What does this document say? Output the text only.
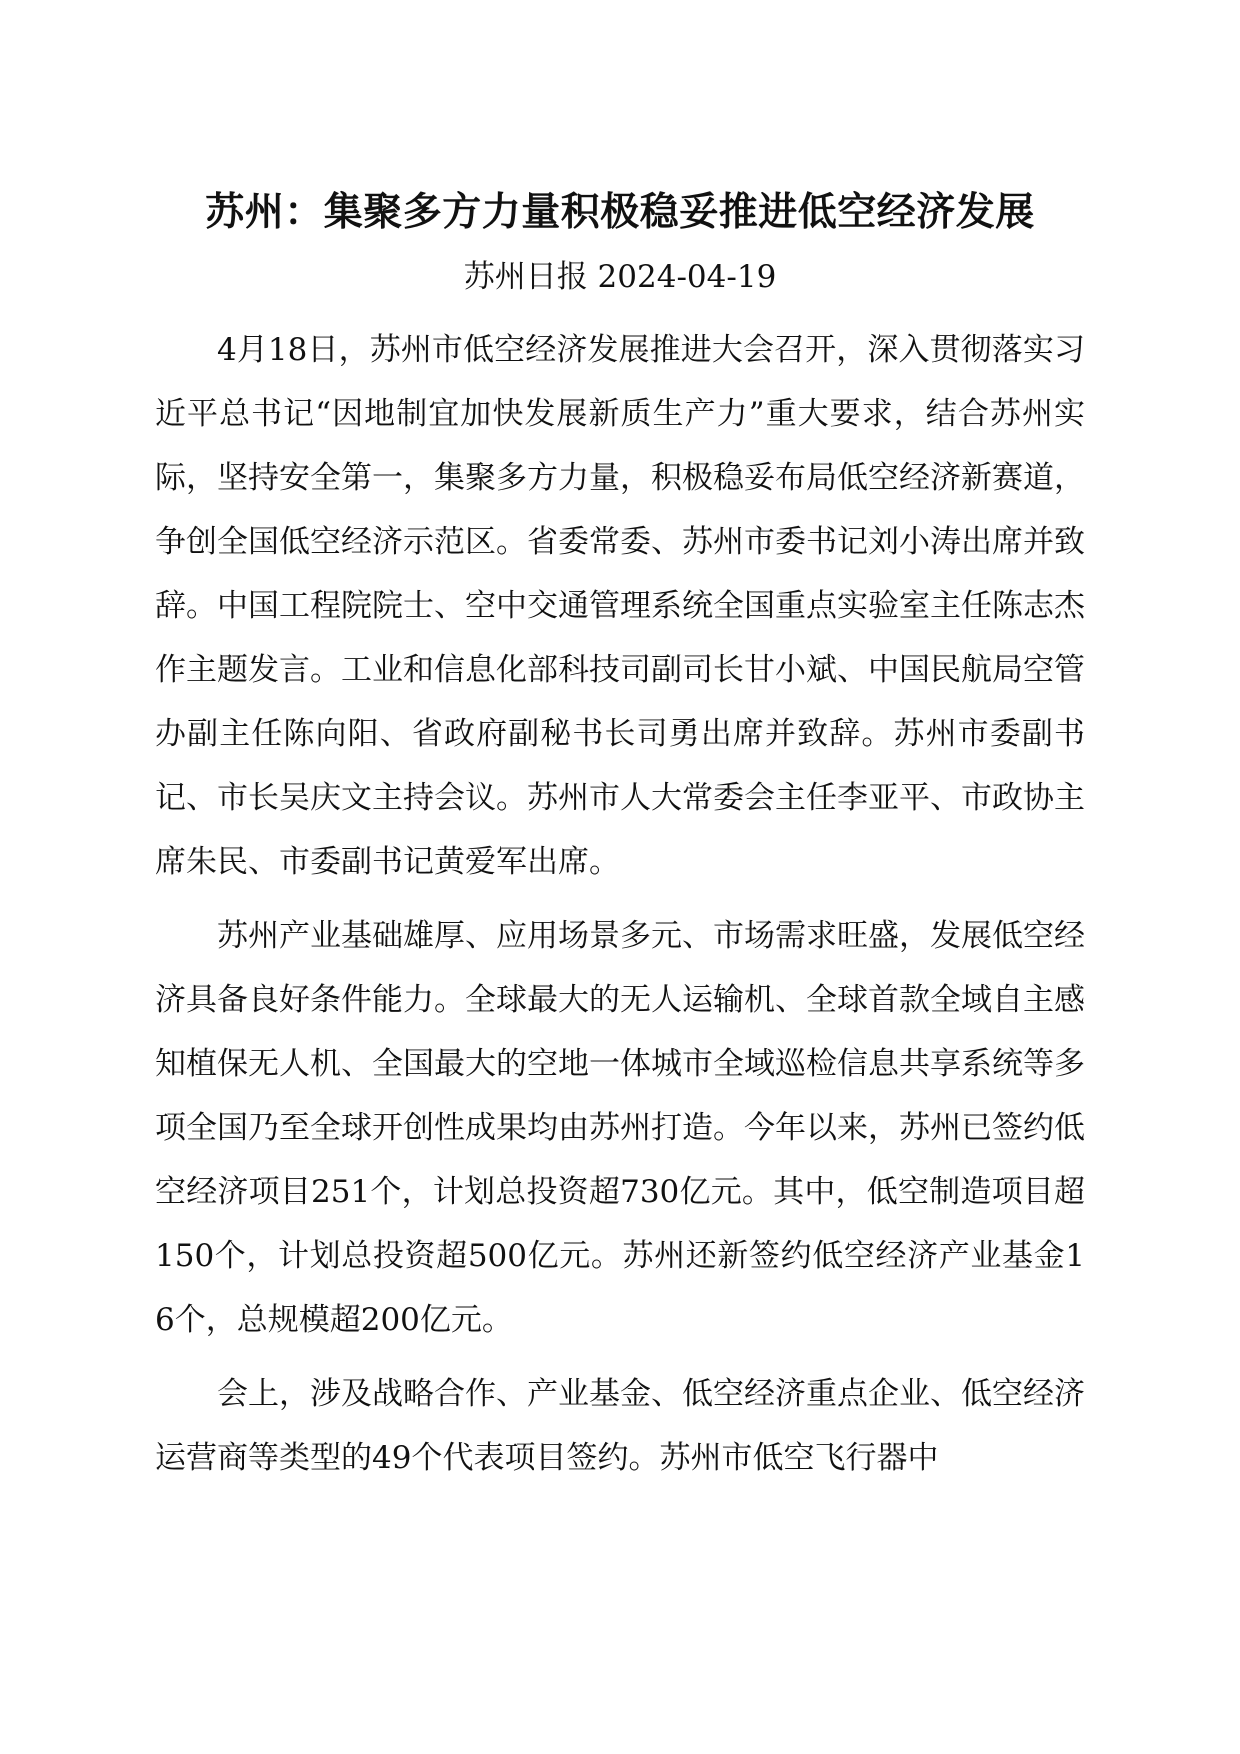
苏州：集聚多方力量积极稳妥推进低空经济发展
苏州日报 2024-04-19

4月18日，苏州市低空经济发展推进大会召开，深入贯彻落实习近平总书记“因地制宜加快发展新质生产力”重大要求，结合苏州实际，坚持安全第一，集聚多方力量，积极稳妥布局低空经济新赛道，争创全国低空经济示范区。省委常委、苏州市委书记刘小涛出席并致辞。中国工程院院士、空中交通管理系统全国重点实验室主任陈志杰作主题发言。工业和信息化部科技司副司长甘小斌、中国民航局空管办副主任陈向阳、省政府副秘书长司勇出席并致辞。苏州市委副书记、市长吴庆文主持会议。苏州市人大常委会主任李亚平、市政协主席朱民、市委副书记黄爱军出席。

苏州产业基础雄厚、应用场景多元、市场需求旺盛，发展低空经济具备良好条件能力。全球最大的无人运输机、全球首款全域自主感知植保无人机、全国最大的空地一体城市全域巡检信息共享系统等多项全国乃至全球开创性成果均由苏州打造。今年以来，苏州已签约低空经济项目251个，计划总投资超730亿元。其中，低空制造项目超150个，计划总投资超500亿元。苏州还新签约低空经济产业基金16个，总规模超200亿元。

会上，涉及战略合作、产业基金、低空经济重点企业、低空经济运营商等类型的49个代表项目签约。苏州市低空飞行器中
